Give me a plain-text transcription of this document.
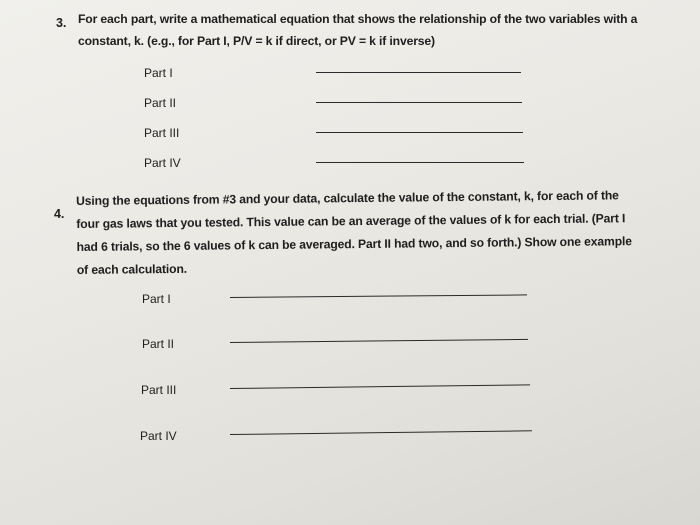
3. For each part, write a mathematical equation that shows the relationship of the two variables with a
constant, k. (e.g., for Part I, P/V = k if direct, or PV = k if inverse)
Part I
Part II
Part III
Part IV
4.
Using the equations from #3 and your data, calculate the value of the constant, k, for each of the
four gas laws that you tested. This value can be an average of the values of k for each trial. (Part I
had 6 trials, so the 6 values of k can be averaged. Part II had two, and so forth.) Show one example
of each calculation.
Part I
Part II
Part III
Part IV
